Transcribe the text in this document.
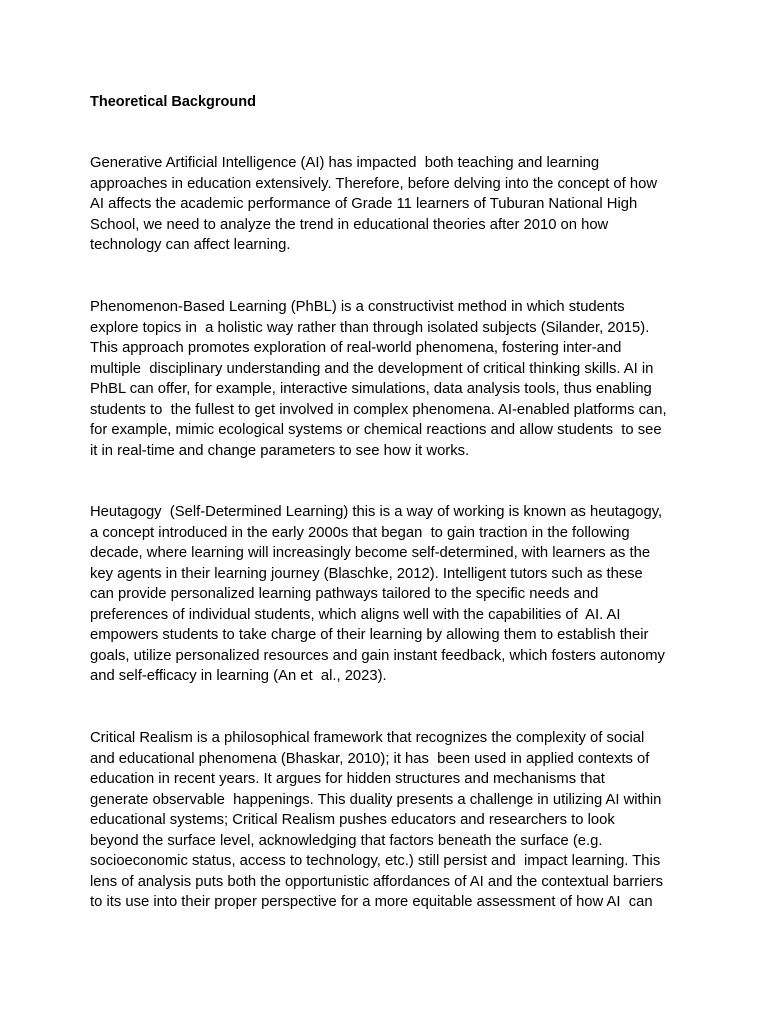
Theoretical Background
Generative Artificial Intelligence (AI) has impacted  both teaching and learning
approaches in education extensively. Therefore, before delving into the concept of how
AI affects the academic performance of Grade 11 learners of Tuburan National High
School, we need to analyze the trend in educational theories after 2010 on how
technology can affect learning.
Phenomenon-Based Learning (PhBL) is a constructivist method in which students
explore topics in  a holistic way rather than through isolated subjects (Silander, 2015).
This approach promotes exploration of real-world phenomena, fostering inter-and
multiple  disciplinary understanding and the development of critical thinking skills. AI in
PhBL can offer, for example, interactive simulations, data analysis tools, thus enabling
students to  the fullest to get involved in complex phenomena. AI-enabled platforms can,
for example, mimic ecological systems or chemical reactions and allow students  to see
it in real-time and change parameters to see how it works.
Heutagogy  (Self-Determined Learning) this is a way of working is known as heutagogy,
a concept introduced in the early 2000s that began  to gain traction in the following
decade, where learning will increasingly become self-determined, with learners as the
key agents in their learning journey (Blaschke, 2012). Intelligent tutors such as these
can provide personalized learning pathways tailored to the specific needs and
preferences of individual students, which aligns well with the capabilities of  AI. AI
empowers students to take charge of their learning by allowing them to establish their
goals, utilize personalized resources and gain instant feedback, which fosters autonomy
and self-efficacy in learning (An et  al., 2023).
Critical Realism is a philosophical framework that recognizes the complexity of social
and educational phenomena (Bhaskar, 2010); it has  been used in applied contexts of
education in recent years. It argues for hidden structures and mechanisms that
generate observable  happenings. This duality presents a challenge in utilizing AI within
educational systems; Critical Realism pushes educators and researchers to look
beyond the surface level, acknowledging that factors beneath the surface (e.g.
socioeconomic status, access to technology, etc.) still persist and  impact learning. This
lens of analysis puts both the opportunistic affordances of AI and the contextual barriers
to its use into their proper perspective for a more equitable assessment of how AI  can
